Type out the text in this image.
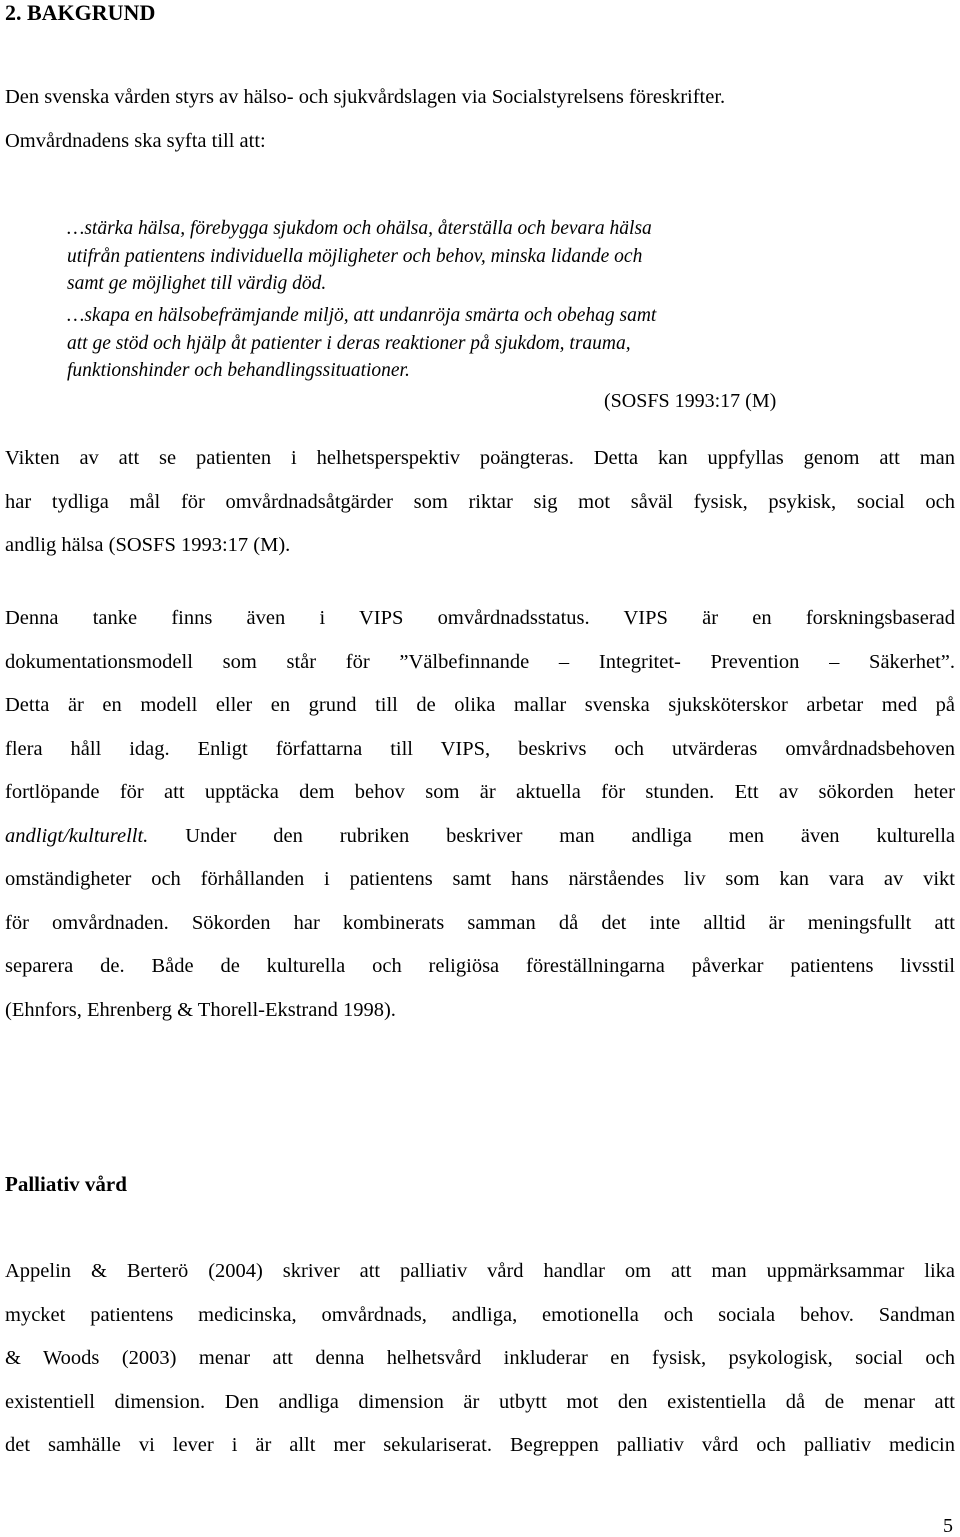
2. BAKGRUND

Den svenska vården styrs av hälso- och sjukvårdslagen via Socialstyrelsens föreskrifter.
Omvårdnadens ska syfta till att:

…stärka hälsa, förebygga sjukdom och ohälsa, återställa och bevara hälsa
utifrån patientens individuella möjligheter och behov, minska lidande och
samt ge möjlighet till värdig död.
…skapa en hälsobefrämjande miljö, att undanröja smärta och obehag samt
att ge stöd och hjälp åt patienter i deras reaktioner på sjukdom, trauma,
funktionshinder och behandlingssituationer.
(SOSFS 1993:17 (M)

Vikten av att se patienten i helhetsperspektiv poängteras. Detta kan uppfyllas genom att man
har tydliga mål för omvårdnadsåtgärder som riktar sig mot såväl fysisk, psykisk, social och
andlig hälsa (SOSFS 1993:17 (M).

Denna tanke finns även i VIPS omvårdnadsstatus. VIPS är en forskningsbaserad
dokumentationsmodell som står för ”Välbefinnande – Integritet- Prevention – Säkerhet”.
Detta är en modell eller en grund till de olika mallar svenska sjuksköterskor arbetar med på
flera håll idag. Enligt författarna till VIPS, beskrivs och utvärderas omvårdnadsbehoven
fortlöpande för att upptäcka dem behov som är aktuella för stunden. Ett av sökorden heter
andligt/kulturellt. Under den rubriken beskriver man andliga men även kulturella
omständigheter och förhållanden i patientens samt hans närståendes liv som kan vara av vikt
för omvårdnaden. Sökorden har kombinerats samman då det inte alltid är meningsfullt att
separera de. Både de kulturella och religiösa föreställningarna påverkar patientens livsstil
(Ehnfors, Ehrenberg & Thorell-Ekstrand 1998).

Palliativ vård

Appelin & Berterö (2004) skriver att palliativ vård handlar om att man uppmärksammar lika
mycket patientens medicinska, omvårdnads, andliga, emotionella och sociala behov. Sandman
& Woods (2003) menar att denna helhetsvård inkluderar en fysisk, psykologisk, social och
existentiell dimension. Den andliga dimension är utbytt mot den existentiella då de menar att
det samhälle vi lever i är allt mer sekulariserat. Begreppen palliativ vård och palliativ medicin

5
